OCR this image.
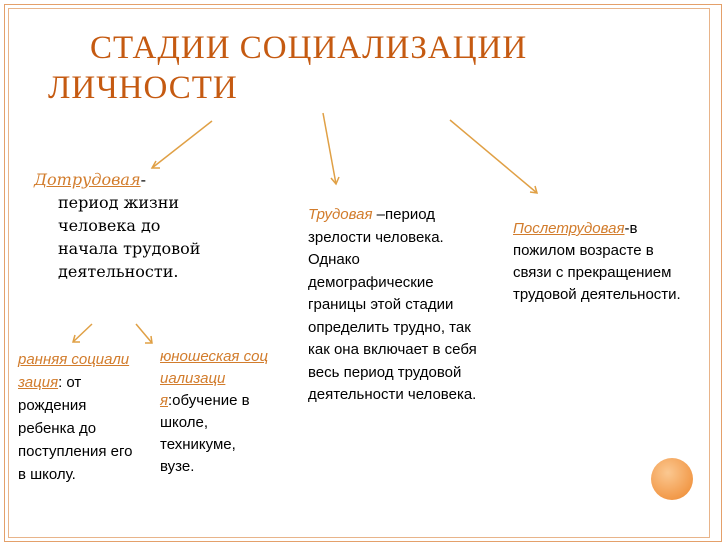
СТАДИИ СОЦИАЛИЗАЦИИ
ЛИЧНОСТИ
Дотрудовая-
период жизни человека до начала трудовой деятельности.
ранняя социализация: от рождения ребенка до поступления его в школу.
юношеская социализация:обучение в школе, техникуме, вузе.
Трудовая –период зрелости человека. Однако демографические границы этой стадии определить трудно, так как она включает в себя весь период трудовой деятельности человека.
Послетрудовая-в пожилом возрасте в связи с прекращением трудовой деятельности.
